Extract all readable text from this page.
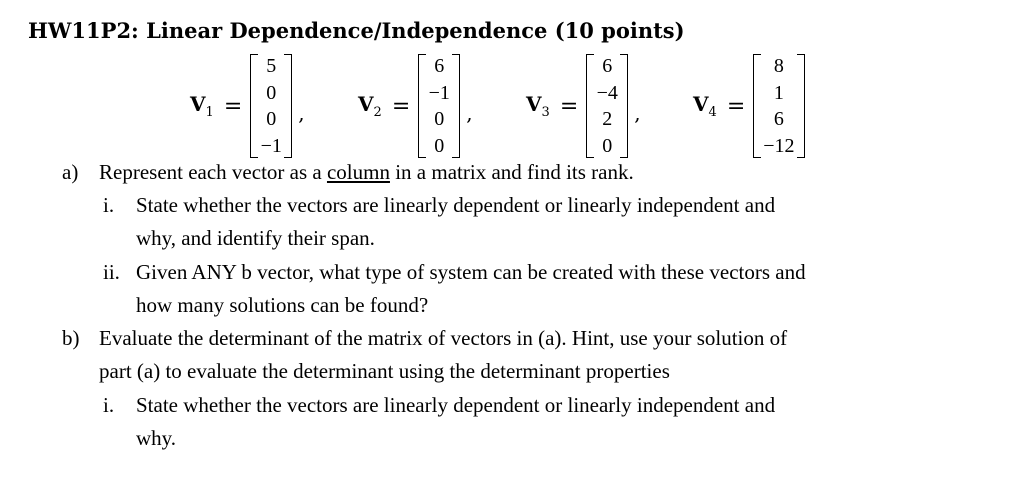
HW11P2: Linear Dependence/Independence (10 points)
$V_1$ =
5
0
0
−1
,	$V_2$ =
6
−1
0
0
,	$V_3$ =
6
−4
2
0
,	$V_4$ =
8
1
6
−12
a) Represent each vector as a column in a matrix and find its rank.
i. State whether the vectors are linearly dependent or linearly independent and
why, and identify their span.
ii. Given ANY b vector, what type of system can be created with these vectors and
how many solutions can be found?
b) Evaluate the determinant of the matrix of vectors in (a). Hint, use your solution of
part (a) to evaluate the determinant using the determinant properties
i. State whether the vectors are linearly dependent or linearly independent and
why.
